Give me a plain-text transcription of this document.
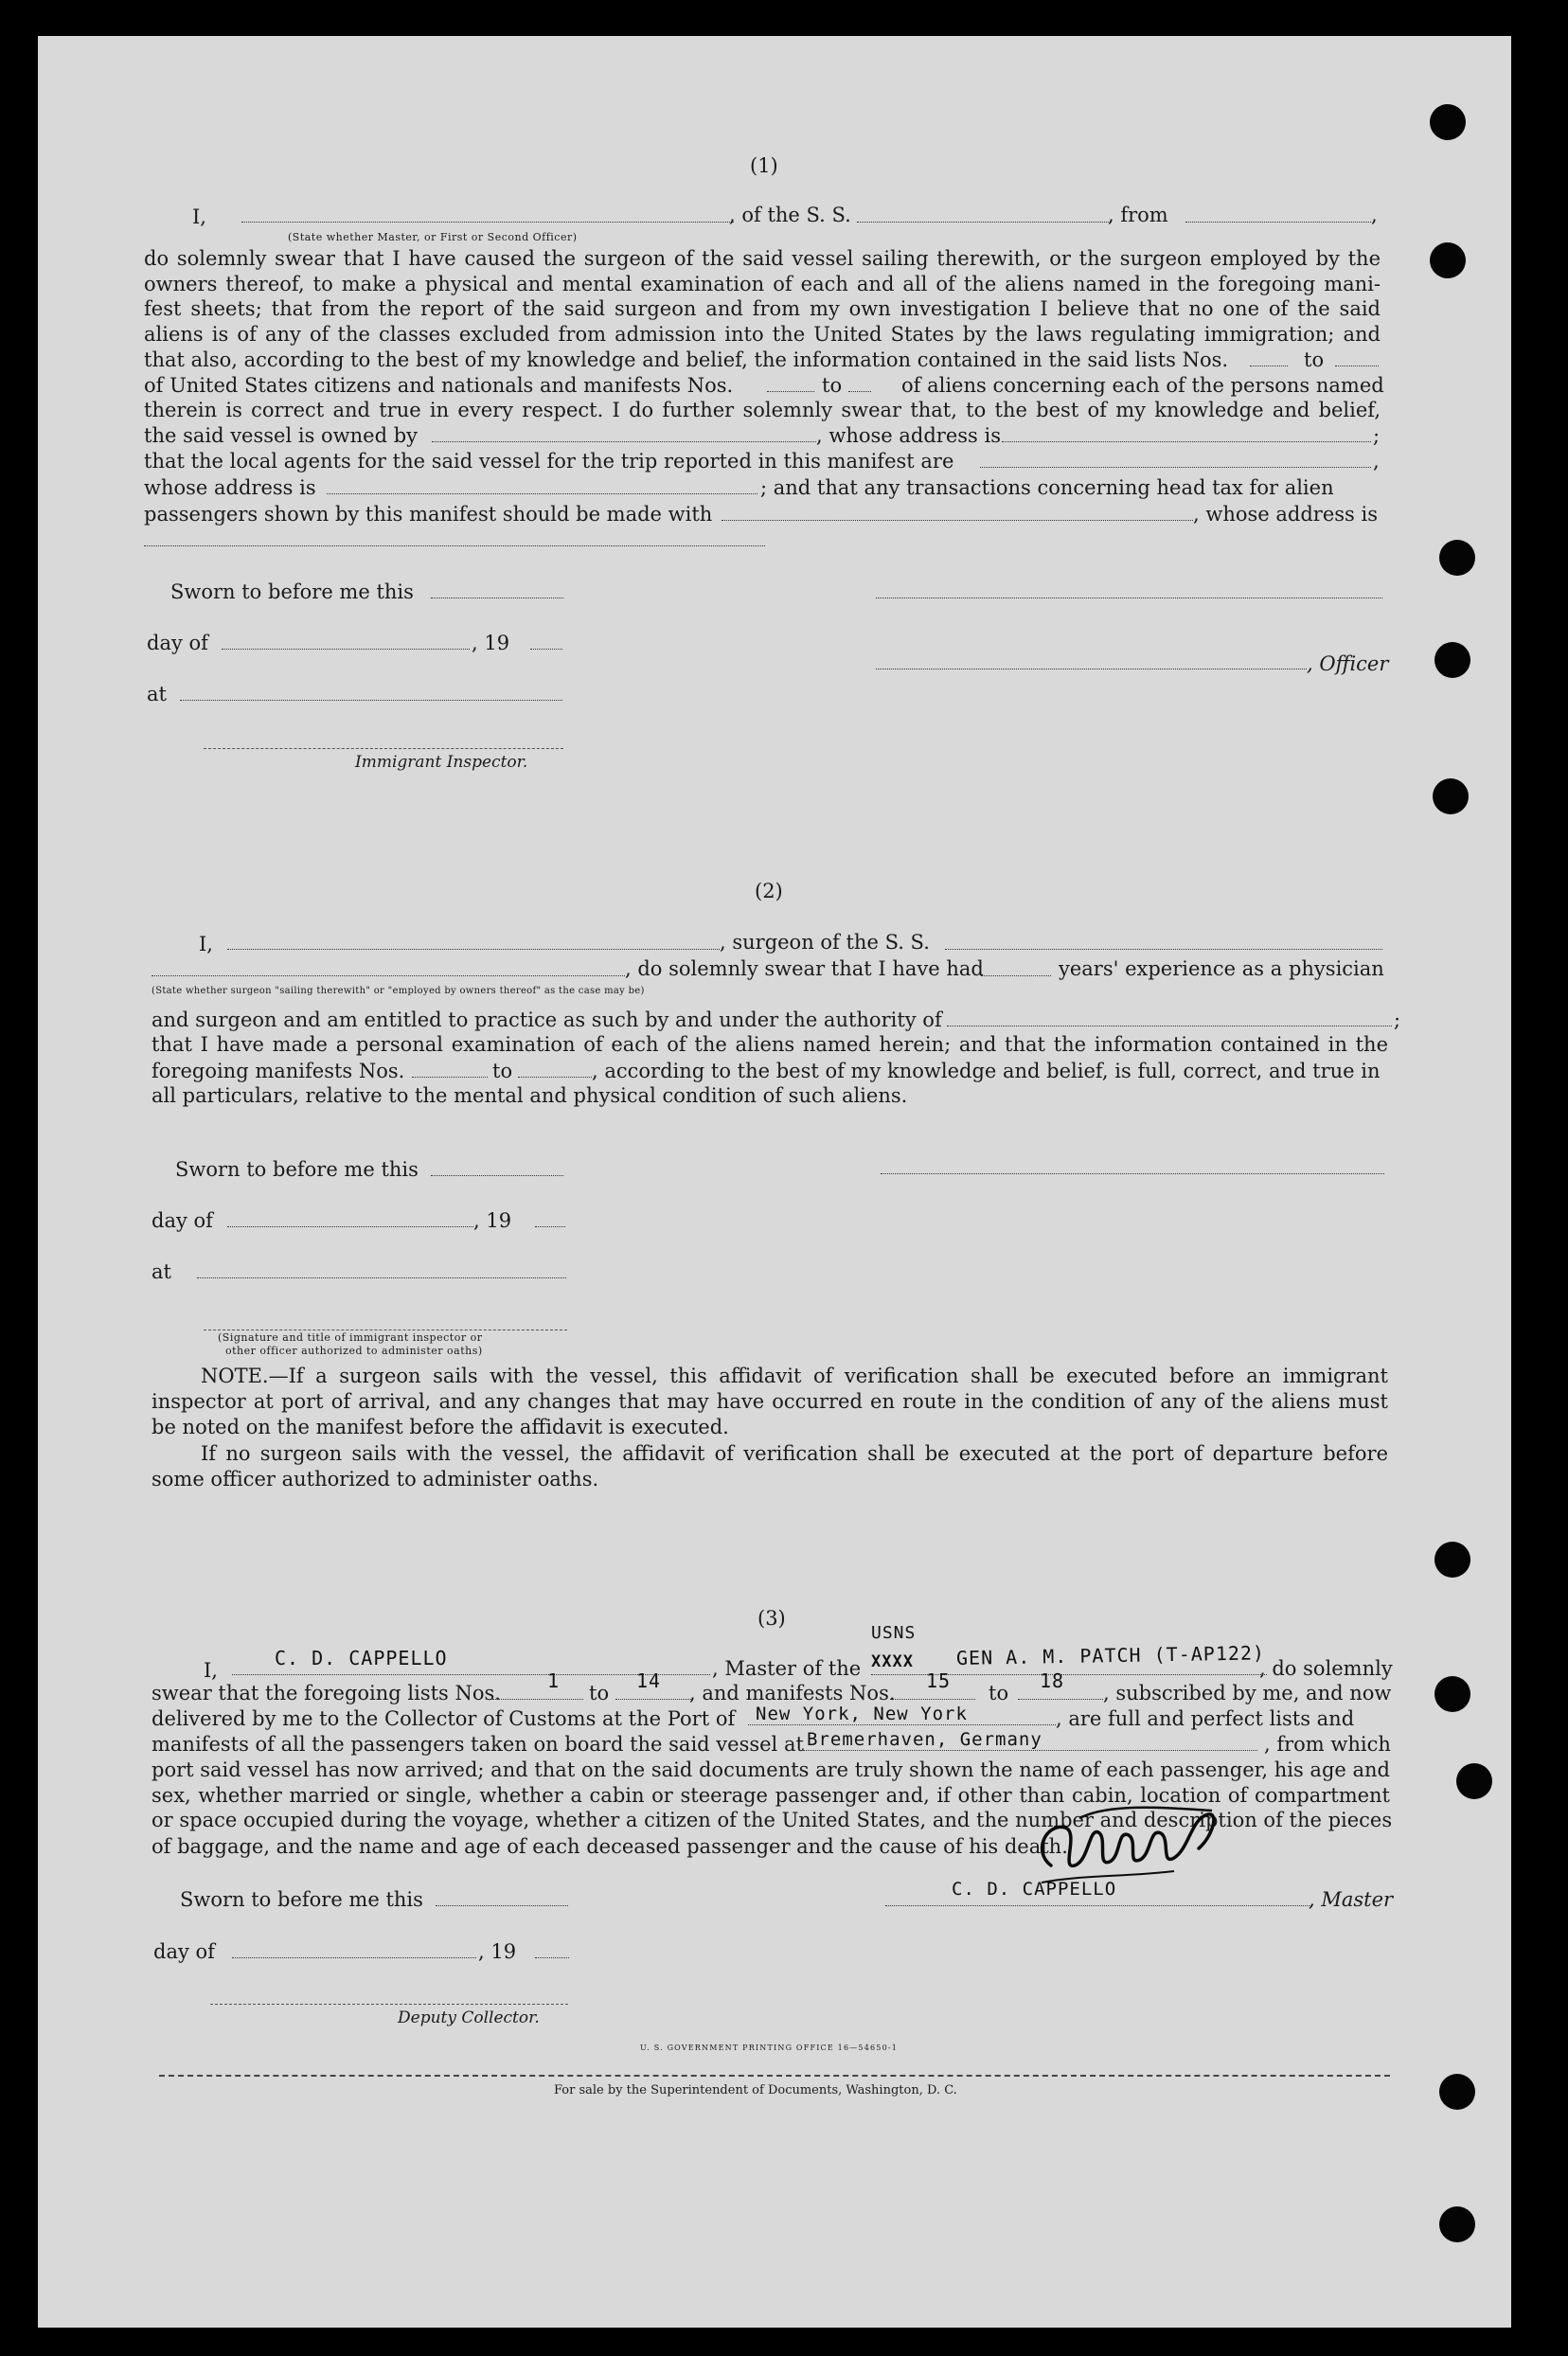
(1)
I,	, of the S. S.	, from	,
(State whether Master, or First or Second Officer)
do solemnly swear that I have caused the surgeon of the said vessel sailing therewith, or the surgeon employed by the
owners thereof, to make a physical and mental examination of each and all of the aliens named in the foregoing mani-
fest sheets; that from the report of the said surgeon and from my own investigation I believe that no one of the said
aliens is of any of the classes excluded from admission into the United States by the laws regulating immigration; and
that also, according to the best of my knowledge and belief, the information contained in the said lists Nos.	to
of United States citizens and nationals and manifests Nos.	to	of aliens concerning each of the persons named
therein is correct and true in every respect. I do further solemnly swear that, to the best of my knowledge and belief,
the said vessel is owned by	, whose address is	;
that the local agents for the said vessel for the trip reported in this manifest are	,
whose address is	; and that any transactions concerning head tax for alien
passengers shown by this manifest should be made with	, whose address is
Sworn to before me this
day of	, 19
, Officer
at
Immigrant Inspector.
(2)
I,	, surgeon of the S. S.
, do solemnly swear that I have had	years' experience as a physician
(State whether surgeon "sailing therewith" or "employed by owners thereof" as the case may be)
and surgeon and am entitled to practice as such by and under the authority of	;
that I have made a personal examination of each of the aliens named herein; and that the information contained in the
foregoing manifests Nos.	to	, according to the best of my knowledge and belief, is full, correct, and true in
all particulars, relative to the mental and physical condition of such aliens.
Sworn to before me this
day of	, 19
at
(Signature and title of immigrant inspector or
other officer authorized to administer oaths)
NOTE.—If a surgeon sails with the vessel, this affidavit of verification shall be executed before an immigrant
inspector at port of arrival, and any changes that may have occurred en route in the condition of any of the aliens must
be noted on the manifest before the affidavit is executed.
If no surgeon sails with the vessel, the affidavit of verification shall be executed at the port of departure before
some officer authorized to administer oaths.
(3)
I,
C. D. CAPPELLO	, Master of the
USNS
XXXX GEN A. M. PATCH (T-AP122)
, do solemnly
swear that the foregoing lists Nos.
1
to
14
, and manifests Nos.
15
to
18
, subscribed by me, and now
delivered by me to the Collector of Customs at the Port of New York, New York	, are full and perfect lists and
manifests of all the passengers taken on board the said vessel at Bremerhaven, Germany	, from which
port said vessel has now arrived; and that on the said documents are truly shown the name of each passenger, his age and
sex, whether married or single, whether a cabin or steerage passenger and, if other than cabin, location of compartment
or space occupied during the voyage, whether a citizen of the United States, and the number and description of the pieces
of baggage, and the name and age of each deceased passenger and the cause of his death.
Sworn to before me this	C. D. CAPPELLO	, Master
day of	, 19
Deputy Collector.
U. S. GOVERNMENT PRINTING OFFICE 16—54650-1
For sale by the Superintendent of Documents, Washington, D. C.
